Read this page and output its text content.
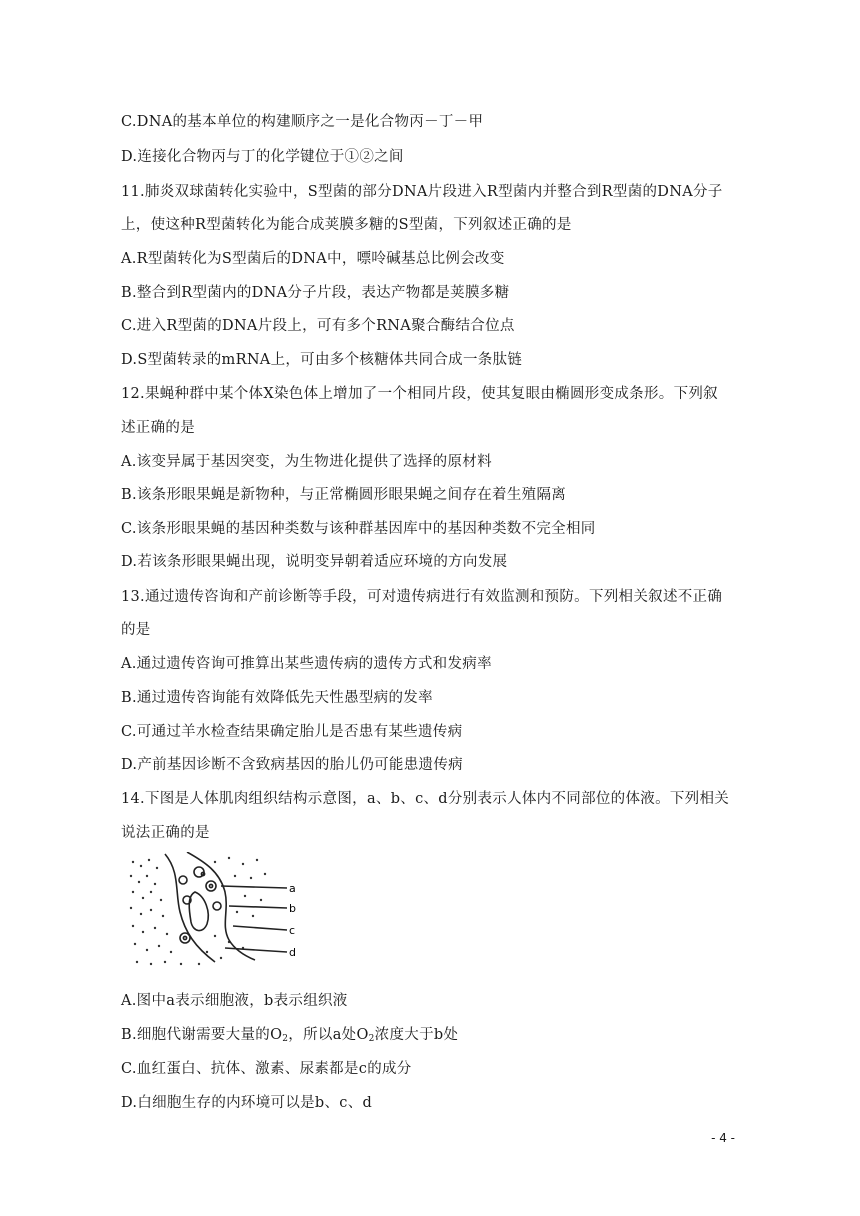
C.DNA的基本单位的构建顺序之一是化合物丙－丁－甲
D.连接化合物丙与丁的化学键位于①②之间
11.肺炎双球菌转化实验中，S型菌的部分DNA片段进入R型菌内并整合到R型菌的DNA分子
上，使这种R型菌转化为能合成荚膜多糖的S型菌，下列叙述正确的是
A.R型菌转化为S型菌后的DNA中，嘌呤碱基总比例会改变
B.整合到R型菌内的DNA分子片段，表达产物都是荚膜多糖
C.进入R型菌的DNA片段上，可有多个RNA聚合酶结合位点
D.S型菌转录的mRNA上，可由多个核糖体共同合成一条肽链
12.果蝇种群中某个体X染色体上增加了一个相同片段，使其复眼由椭圆形变成条形。下列叙
述正确的是
A.该变异属于基因突变，为生物进化提供了选择的原材料
B.该条形眼果蝇是新物种，与正常椭圆形眼果蝇之间存在着生殖隔离
C.该条形眼果蝇的基因种类数与该种群基因库中的基因种类数不完全相同
D.若该条形眼果蝇出现，说明变异朝着适应环境的方向发展
13.通过遗传咨询和产前诊断等手段，可对遗传病进行有效监测和预防。下列相关叙述不正确
的是
A.通过遗传咨询可推算出某些遗传病的遗传方式和发病率
B.通过遗传咨询能有效降低先天性愚型病的发率
C.可通过羊水检查结果确定胎儿是否患有某些遗传病
D.产前基因诊断不含致病基因的胎儿仍可能患遗传病
14.下图是人体肌肉组织结构示意图，a、b、c、d分别表示人体内不同部位的体液。下列相关
说法正确的是
a
b
c
d
A.图中a表示细胞液，b表示组织液
B.细胞代谢需要大量的$O_2$，所以a处$O_2$浓度大于b处
C.血红蛋白、抗体、激素、尿素都是c的成分
D.白细胞生存的内环境可以是b、c、d
- 4 -
